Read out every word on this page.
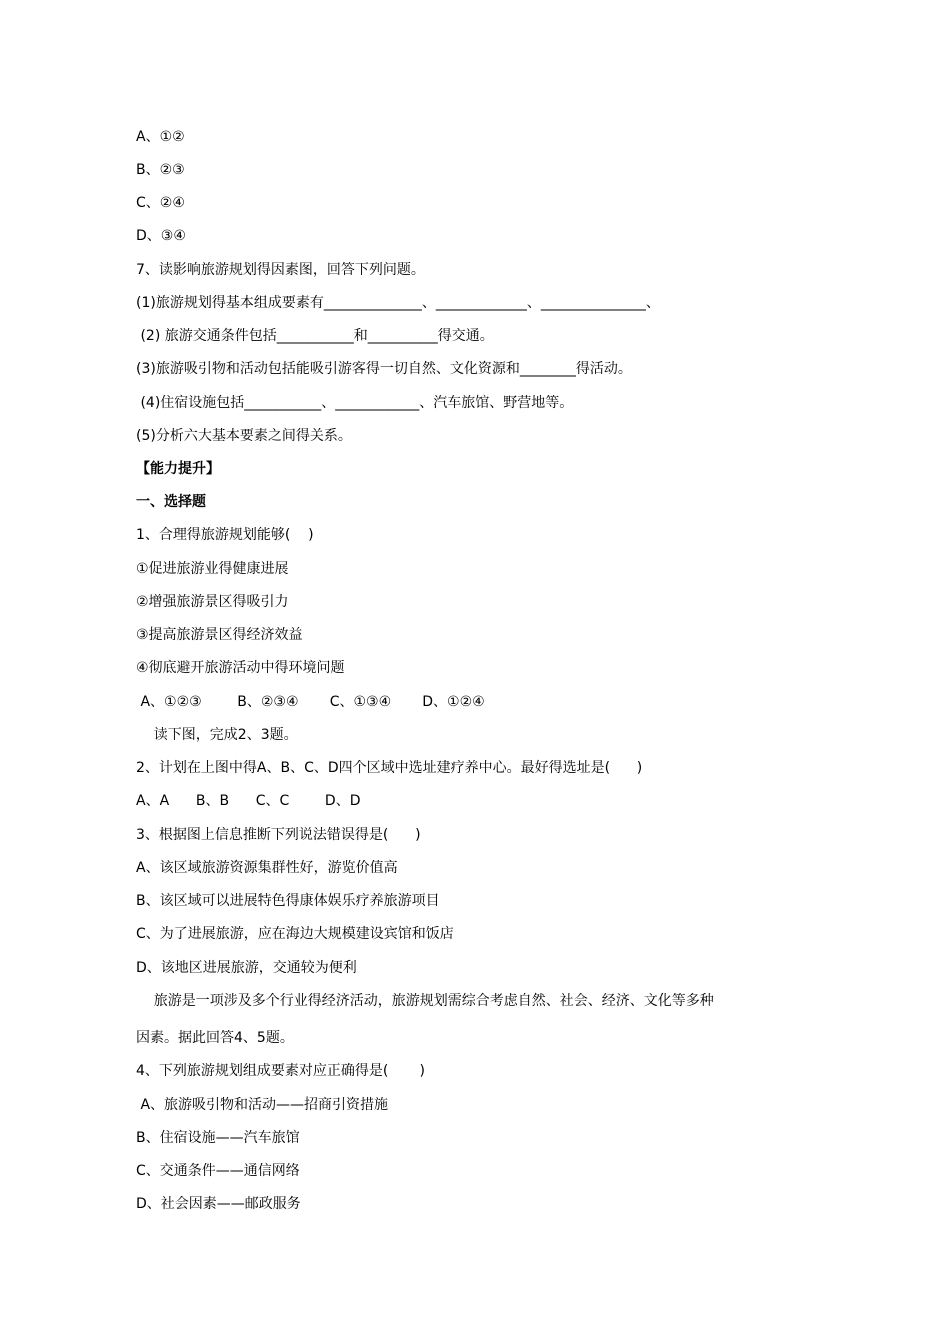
A、①②
B、②③
C、②④
D、③④
7、读影响旅游规划得因素图，回答下列问题。
(1)旅游规划得基本组成要素有______________、_____________、_______________、
(2) 旅游交通条件包括___________和__________得交通。
(3)旅游吸引物和活动包括能吸引游客得一切自然、文化资源和________得活动。
(4)住宿设施包括___________、____________、汽车旅馆、野营地等。
(5)分析六大基本要素之间得关系。
【能力提升】
一、选择题
1、合理得旅游规划能够(    )
①促进旅游业得健康进展
②增强旅游景区得吸引力
③提高旅游景区得经济效益
④彻底避开旅游活动中得环境问题
A、①②③        B、②③④       C、①③④       D、①②④
读下图，完成2、3题。
2、计划在上图中得A、B、C、D四个区域中选址建疗养中心。最好得选址是(      )
A、A      B、B      C、C        D、D
3、根据图上信息推断下列说法错误得是(      )
A、该区域旅游资源集群性好，游览价值高
B、该区域可以进展特色得康体娱乐疗养旅游项目
C、为了进展旅游，应在海边大规模建设宾馆和饭店
D、该地区进展旅游，交通较为便利
旅游是一项涉及多个行业得经济活动，旅游规划需综合考虑自然、社会、经济、文化等多种
因素。据此回答4、5题。
4、下列旅游规划组成要素对应正确得是(       )
A、旅游吸引物和活动——招商引资措施
B、住宿设施——汽车旅馆
C、交通条件——通信网络
D、社会因素——邮政服务
